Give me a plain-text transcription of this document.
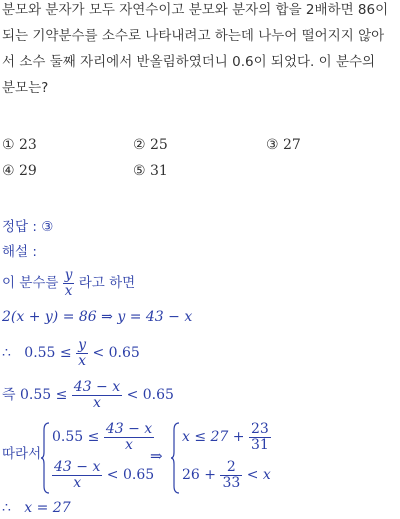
분모와 분자가 모두 자연수이고 분모와 분자의 합을 2배하면 86이
되는 기약분수를 소수로 나타내려고 하는데 나누어 떨어지지 않아
서 소수 둘째 자리에서 반올림하였더니 0.6이 되었다. 이 분수의
분모는?
① 23	② 25	③ 27
④ 29	⑤ 31
정답 : ③
해설 :
이 분수를 $\frac{y}{x}$ 라고 하면
2(x + y) = 86 ⇒ y = 43 − x
∴ $0.55 \le \frac{y}{x} < 0.65$
즉 $0.55 \le \frac{43 - x}{x} < 0.65$
따라서
$0.55 \le \frac{43 - x}{x}$
$\frac{43 - x}{x} < 0.65$
⇒
$x \le 27 + \frac{23}{31}$
$26 + \frac{2}{33} < x$
∴ x = 27
